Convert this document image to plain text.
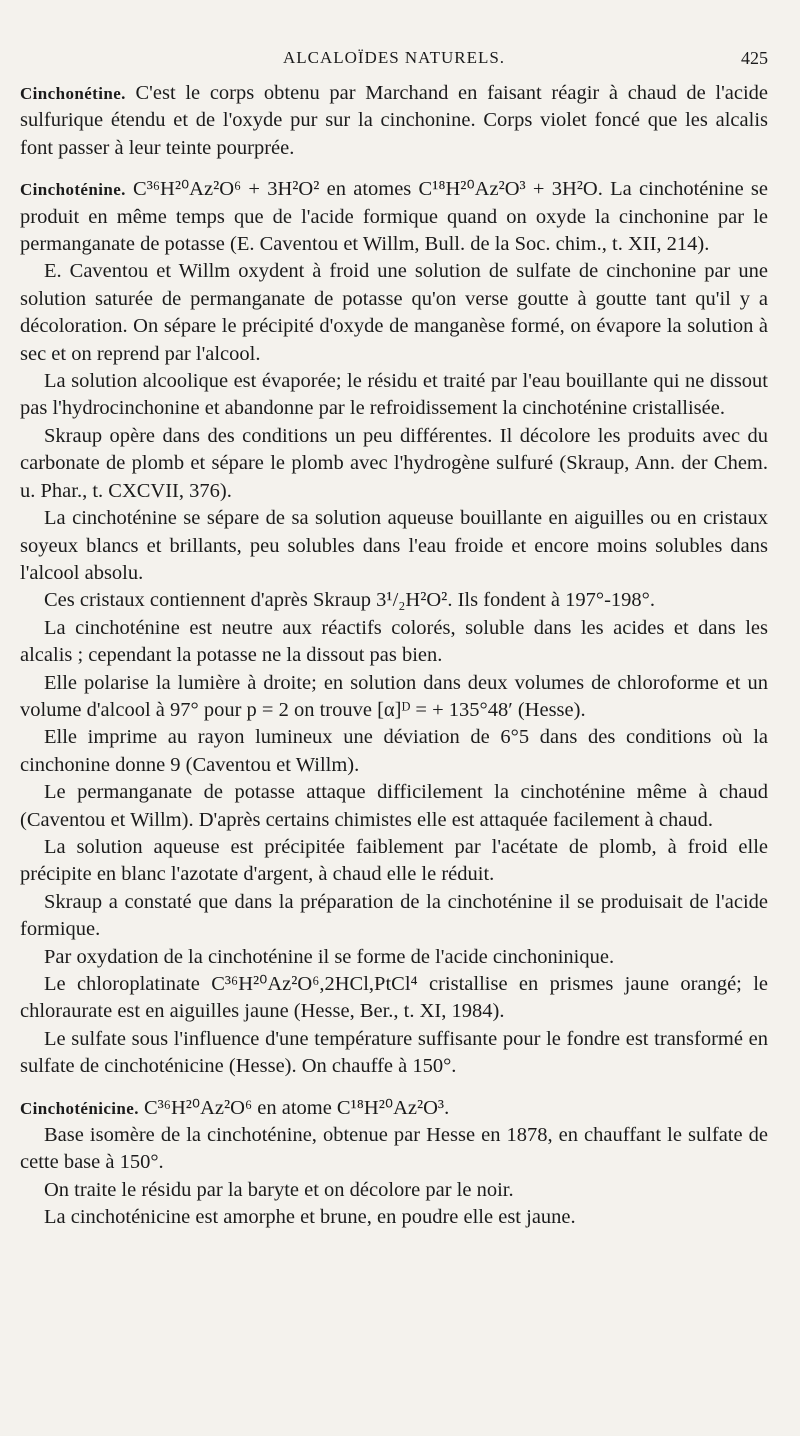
ALCALOÏDES NATURELS.	425

Cinchonétine. C'est le corps obtenu par Marchand en faisant réagir à chaud de l'acide sulfurique étendu et de l'oxyde pur sur la cinchonine. Corps violet foncé que les alcalis font passer à leur teinte pourprée.

Cinchoténine. C³⁶H²⁰Az²O⁶ + 3H²O² en atomes C¹⁸H²⁰Az²O³ + 3H²O. La cinchoténine se produit en même temps que de l'acide formique quand on oxyde la cinchonine par le permanganate de potasse (E. Caventou et Willm, Bull. de la Soc. chim., t. XII, 214).

E. Caventou et Willm oxydent à froid une solution de sulfate de cinchonine par une solution saturée de permanganate de potasse qu'on verse goutte à goutte tant qu'il y a décoloration. On sépare le précipité d'oxyde de manganèse formé, on évapore la solution à sec et on reprend par l'alcool.

La solution alcoolique est évaporée; le résidu et traité par l'eau bouillante qui ne dissout pas l'hydrocinchonine et abandonne par le refroidissement la cinchoténine cristallisée.

Skraup opère dans des conditions un peu différentes. Il décolore les produits avec du carbonate de plomb et sépare le plomb avec l'hydrogène sulfuré (Skraup, Ann. der Chem. u. Phar., t. CXCVII, 376).

La cinchoténine se sépare de sa solution aqueuse bouillante en aiguilles ou en cristaux soyeux blancs et brillants, peu solubles dans l'eau froide et encore moins solubles dans l'alcool absolu.

Ces cristaux contiennent d'après Skraup 3¹/₂H²O². Ils fondent à 197°-198°.

La cinchoténine est neutre aux réactifs colorés, soluble dans les acides et dans les alcalis ; cependant la potasse ne la dissout pas bien.

Elle polarise la lumière à droite; en solution dans deux volumes de chloroforme et un volume d'alcool à 97° pour p = 2 on trouve [α]ᴰ = + 135°48′ (Hesse).

Elle imprime au rayon lumineux une déviation de 6°5 dans des conditions où la cinchonine donne 9 (Caventou et Willm).

Le permanganate de potasse attaque difficilement la cinchoténine même à chaud (Caventou et Willm). D'après certains chimistes elle est attaquée facilement à chaud.

La solution aqueuse est précipitée faiblement par l'acétate de plomb, à froid elle précipite en blanc l'azotate d'argent, à chaud elle le réduit.

Skraup a constaté que dans la préparation de la cinchoténine il se produisait de l'acide formique.

Par oxydation de la cinchoténine il se forme de l'acide cinchoninique.

Le chloroplatinate C³⁶H²⁰Az²O⁶,2HCl,PtCl⁴ cristallise en prismes jaune orangé; le chloraurate est en aiguilles jaune (Hesse, Ber., t. XI, 1984).

Le sulfate sous l'influence d'une température suffisante pour le fondre est transformé en sulfate de cinchoténicine (Hesse). On chauffe à 150°.

Cinchoténicine. C³⁶H²⁰Az²O⁶ en atome C¹⁸H²⁰Az²O³.

Base isomère de la cinchoténine, obtenue par Hesse en 1878, en chauffant le sulfate de cette base à 150°.

On traite le résidu par la baryte et on décolore par le noir.

La cinchoténicine est amorphe et brune, en poudre elle est jaune.
